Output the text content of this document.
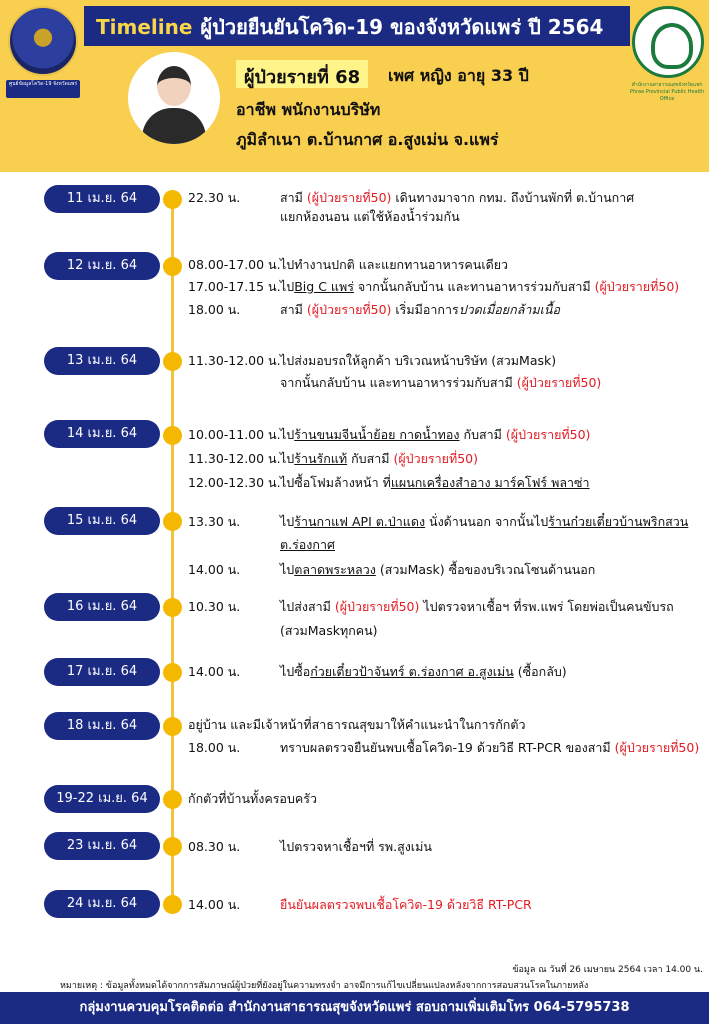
ศูนย์ข้อมูลโควิด-19 จังหวัดแพร่
Timeline ผู้ป่วยยืนยันโควิด-19 ของจังหวัดแพร่ ปี 2564
สำนักงานสาธารณสุขจังหวัดแพร่ Phrae Provincial Public Health Office
ผู้ป่วยรายที่ 68	เพศ หญิง อายุ 33 ปี
อาชีพ พนักงานบริษัท
ภูมิลำเนา ต.บ้านกาศ อ.สูงเม่น จ.แพร่
11 เม.ย. 64	22.30 น.	สามี (ผู้ป่วยรายที่50) เดินทางมาจาก กทม. ถึงบ้านพักที่ ต.บ้านกาศ
แยกห้องนอน แต่ใช้ห้องน้ำร่วมกัน
12 เม.ย. 64	08.00-17.00 น. ไปทำงานปกติ และแยกทานอาหารคนเดียว
17.00-17.15 น. ไปBig C แพร่ จากนั้นกลับบ้าน และทานอาหารร่วมกับสามี (ผู้ป่วยรายที่50)
18.00 น.	สามี (ผู้ป่วยรายที่50) เริ่มมีอาการปวดเมื่อยกล้ามเนื้อ
13 เม.ย. 64	11.30-12.00 น. ไปส่งมอบรถให้ลูกค้า บริเวณหน้าบริษัท (สวมMask)
จากนั้นกลับบ้าน และทานอาหารร่วมกับสามี (ผู้ป่วยรายที่50)
14 เม.ย. 64	10.00-11.00 น. ไปร้านขนมจีนน้ำย้อย กาดน้ำทอง กับสามี (ผู้ป่วยรายที่50)
11.30-12.00 น. ไปร้านรักแท้ กับสามี (ผู้ป่วยรายที่50)
12.00-12.30 น. ไปซื้อโฟมล้างหน้า ที่แผนกเครื่องสำอาง มาร์คโฟร์ พลาซ่า
15 เม.ย. 64	13.30 น.	ไปร้านกาแฟ API ต.ป่าแดง นั่งด้านนอก จากนั้นไปร้านก๋วยเตี๋ยวบ้านพริกสวน
ต.ร่องกาศ
14.00 น.	ไปตลาดพระหลวง (สวมMask) ซื้อของบริเวณโซนด้านนอก
16 เม.ย. 64	10.30 น.	ไปส่งสามี (ผู้ป่วยรายที่50) ไปตรวจหาเชื้อฯ ที่รพ.แพร่ โดยพ่อเป็นคนขับรถ
(สวมMaskทุกคน)
17 เม.ย. 64	14.00 น.	ไปซื้อก๋วยเตี๋ยวป้าจันทร์ ต.ร่องกาศ อ.สูงเม่น (ซื้อกลับ)
18 เม.ย. 64	อยู่บ้าน และมีเจ้าหน้าที่สาธารณสุขมาให้คำแนะนำในการกักตัว
18.00 น.	ทราบผลตรวจยืนยันพบเชื้อโควิด-19 ด้วยวิธี RT-PCR ของสามี (ผู้ป่วยรายที่50)
19-22 เม.ย. 64	กักตัวที่บ้านทั้งครอบครัว
23 เม.ย. 64	08.30 น.	ไปตรวจหาเชื้อฯที่ รพ.สูงเม่น
24 เม.ย. 64	14.00 น.	ยืนยันผลตรวจพบเชื้อโควิด-19 ด้วยวิธี RT-PCR
ข้อมูล ณ วันที่ 26 เมษายน 2564 เวลา 14.00 น.
หมายเหตุ : ข้อมูลทั้งหมดได้จากการสัมภาษณ์ผู้ป่วยที่ยังอยู่ในความทรงจำ อาจมีการแก้ไขเปลี่ยนแปลงหลังจากการสอบสวนโรคในภายหลัง
กลุ่มงานควบคุมโรคติดต่อ สำนักงานสาธารณสุขจังหวัดแพร่ สอบถามเพิ่มเติมโทร 064-5795738
